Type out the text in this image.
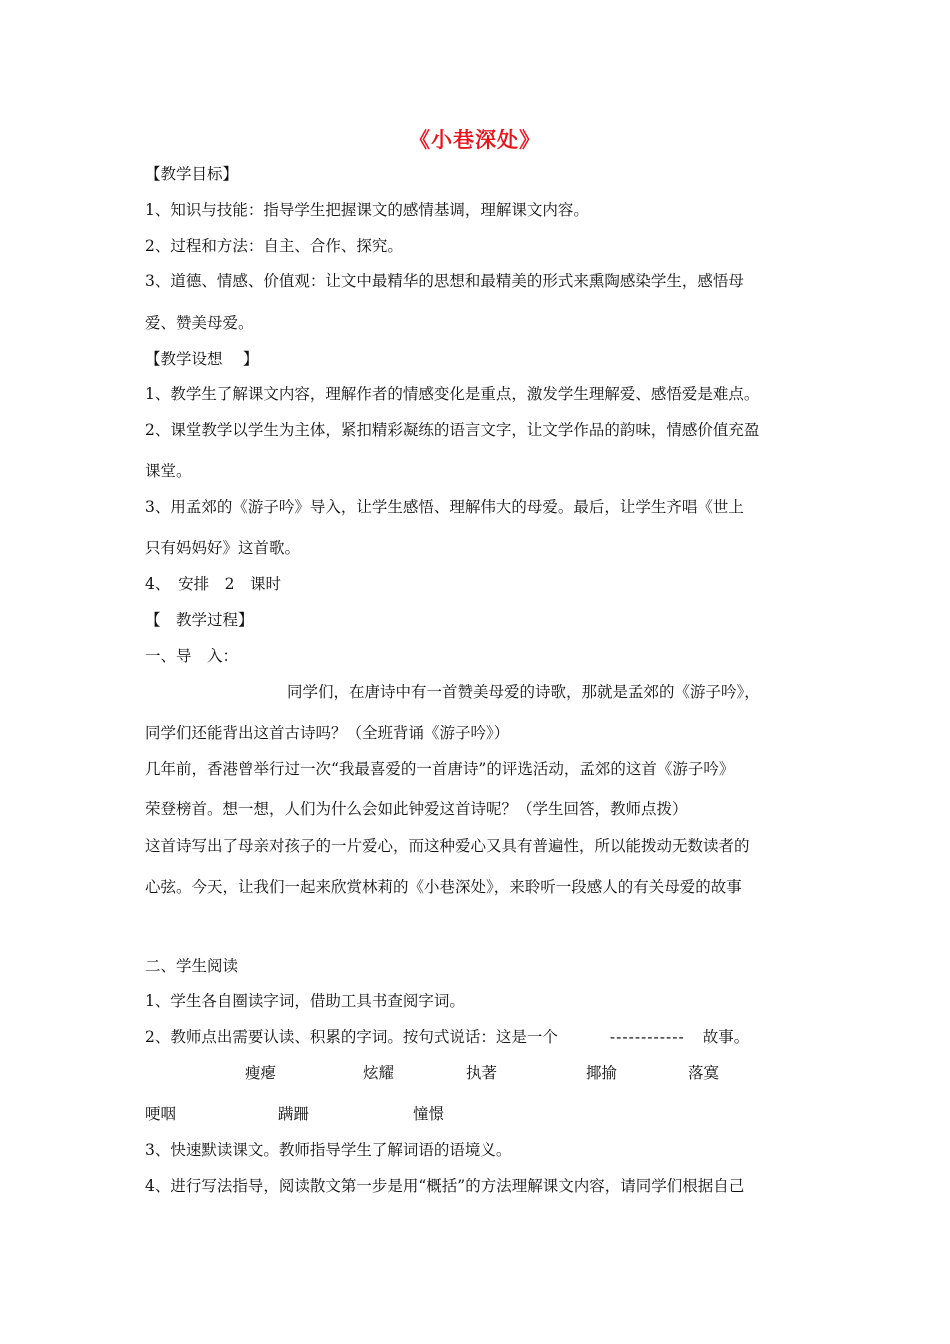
《小巷深处》
【教学目标】
1、知识与技能：指导学生把握课文的感情基调，理解课文内容。
2、过程和方法：自主、合作、探究。
3、道德、情感、价值观：让文中最精华的思想和最精美的形式来熏陶感染学生，感悟母
爱、赞美母爱。
【教学设想 　】
1、教学生了解课文内容，理解作者的情感变化是重点，激发学生理解爱、感悟爱是难点。
2、课堂教学以学生为主体，紧扣精彩凝练的语言文字，让文学作品的韵味，情感价值充盈
课堂。
3、用孟郊的《游子吟》导入，让学生感悟、理解伟大的母爱。最后，让学生齐唱《世上
只有妈妈好》这首歌。
4、　安排　2　课时
【　教学过程】
一、导　入：
同学们，在唐诗中有一首赞美母爱的诗歌，那就是孟郊的《游子吟》，
同学们还能背出这首古诗吗？（全班背诵《游子吟》）
几年前，香港曾举行过一次“我最喜爱的一首唐诗”的评选活动，孟郊的这首《游子吟》
荣登榜首。想一想，人们为什么会如此钟爱这首诗呢？（学生回答，教师点拨）
这首诗写出了母亲对孩子的一片爱心，而这种爱心又具有普遍性，所以能拨动无数读者的
心弦。今天，让我们一起来欣赏林莉的《小巷深处》，来聆听一段感人的有关母爱的故事
二、学生阅读
1、学生各自圈读字词，借助工具书查阅字词。
2、教师点出需要认读、积累的字词。按句式说话：这是一个	------------ 故事。
瘦瘪	炫耀	执著	揶揄	落寞
哽咽	蹒跚	憧憬
3、快速默读课文。教师指导学生了解词语的语境义。
4、进行写法指导，阅读散文第一步是用“概括”的方法理解课文内容，请同学们根据自己
